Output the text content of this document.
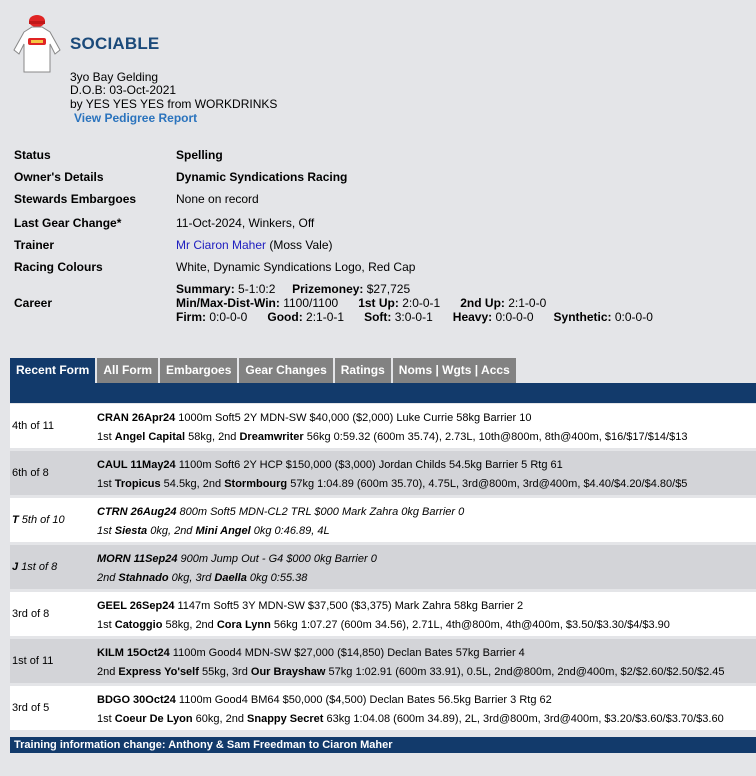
SOCIABLE
3yo Bay Gelding
D.O.B: 03-Oct-2021
by YES YES YES from WORKDRINKS
View Pedigree Report
Status	Spelling
Owner's Details	Dynamic Syndications Racing
Stewards Embargoes	None on record
Last Gear Change*	11-Oct-2024, Winkers, Off
Trainer	Mr Ciaron Maher (Moss Vale)
Racing Colours	White, Dynamic Syndications Logo, Red Cap
Career
Summary: 5-1:0:2 Prizemoney: $27,725
Min/Max-Dist-Win: 1100/1100 1st Up: 2:0-0-1 2nd Up: 2:1-0-0
Firm: 0:0-0-0 Good: 2:1-0-1 Soft: 3:0-0-1 Heavy: 0:0-0-0 Synthetic: 0:0-0-0
Recent Form	All Form	Embargoes	Gear Changes	Ratings	Noms | Wgts | Accs
4th of 11
CRAN 26Apr24 1000m Soft5 2Y MDN-SW $40,000 ($2,000) Luke Currie 58kg Barrier 10
1st Angel Capital 58kg, 2nd Dreamwriter 56kg 0:59.32 (600m 35.74), 2.73L, 10th@800m, 8th@400m, $16/$17/$14/$13
6th of 8
CAUL 11May24 1100m Soft6 2Y HCP $150,000 ($3,000) Jordan Childs 54.5kg Barrier 5 Rtg 61
1st Tropicus 54.5kg, 2nd Stormbourg 57kg 1:04.89 (600m 35.70), 4.75L, 3rd@800m, 3rd@400m, $4.40/$4.20/$4.80/$5
T 5th of 10
CTRN 26Aug24 800m Soft5 MDN-CL2 TRL $000 Mark Zahra 0kg Barrier 0
1st Siesta 0kg, 2nd Mini Angel 0kg 0:46.89, 4L
J 1st of 8
MORN 11Sep24 900m Jump Out - G4 $000 0kg Barrier 0
2nd Stahnado 0kg, 3rd Daella 0kg 0:55.38
3rd of 8
GEEL 26Sep24 1147m Soft5 3Y MDN-SW $37,500 ($3,375) Mark Zahra 58kg Barrier 2
1st Catoggio 58kg, 2nd Cora Lynn 56kg 1:07.27 (600m 34.56), 2.71L, 4th@800m, 4th@400m, $3.50/$3.30/$4/$3.90
1st of 11
KILM 15Oct24 1100m Good4 MDN-SW $27,000 ($14,850) Declan Bates 57kg Barrier 4
2nd Express Yo'self 55kg, 3rd Our Brayshaw 57kg 1:02.91 (600m 33.91), 0.5L, 2nd@800m, 2nd@400m, $2/$2.60/$2.50/$2.45
3rd of 5
BDGO 30Oct24 1100m Good4 BM64 $50,000 ($4,500) Declan Bates 56.5kg Barrier 3 Rtg 62
1st Coeur De Lyon 60kg, 2nd Snappy Secret 63kg 1:04.08 (600m 34.89), 2L, 3rd@800m, 3rd@400m, $3.20/$3.60/$3.70/$3.60
Training information change: Anthony & Sam Freedman to Ciaron Maher
